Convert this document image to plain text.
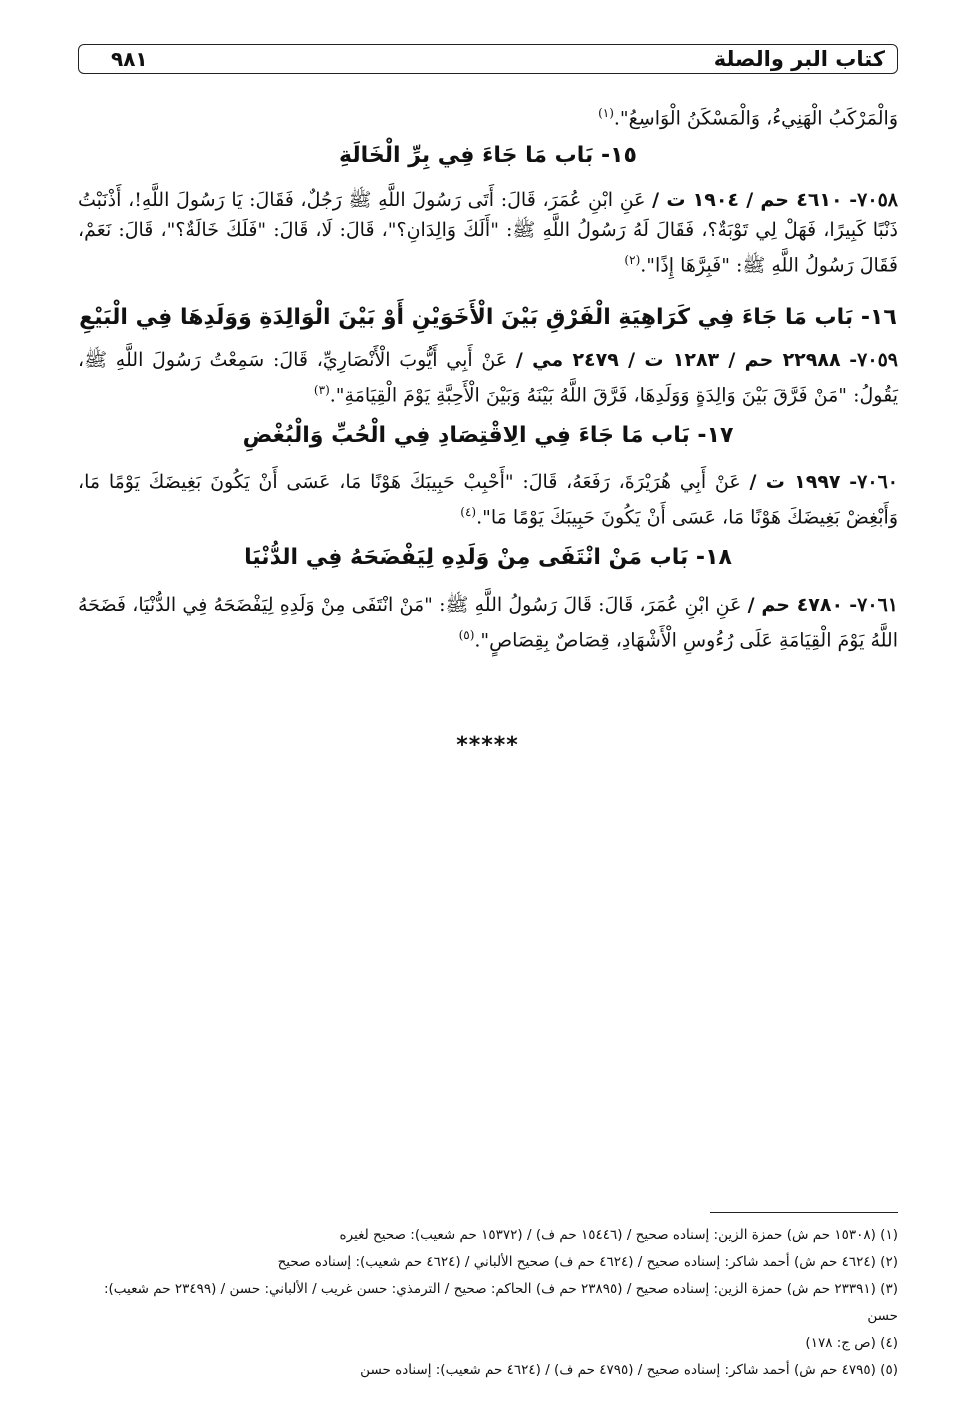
كتاب البر والصلة
٩٨١
وَالْمَرْكَبُ الْهَنِيءُ، وَالْمَسْكَنُ الْوَاسِعُ".$^{(١)}$
١٥- بَاب مَا جَاءَ فِي بِرِّ الْخَالَةِ
٧٠٥٨- ٤٦١٠ حم / ١٩٠٤ ت / عَنِ ابْنِ عُمَرَ، قَالَ: أَتَى رَسُولَ اللَّهِ ﷺ رَجُلٌ، فَقَالَ: يَا رَسُولَ اللَّهِ!، أَذْنَبْتُ ذَنْبًا كَبِيرًا، فَهَلْ لِي تَوْبَةٌ؟، فَقَالَ لَهُ رَسُولُ اللَّهِ ﷺ: "أَلَكَ وَالِدَانِ؟"، قَالَ: لَا، قَالَ: "فَلَكَ خَالَةٌ؟"، قَالَ: نَعَمْ، فَقَالَ رَسُولُ اللَّهِ ﷺ: "فَبِرَّهَا إِذًا".$^{(٢)}$
١٦- بَاب مَا جَاءَ فِي كَرَاهِيَةِ الْفَرْقِ بَيْنَ الْأَخَوَيْنِ أَوْ بَيْنَ الْوَالِدَةِ وَوَلَدِهَا فِي الْبَيْعِ
٧٠٥٩- ٢٢٩٨٨ حم / ١٢٨٣ ت / ٢٤٧٩ مي / عَنْ أَبِي أَيُّوبَ الْأَنْصَارِيِّ، قَالَ: سَمِعْتُ رَسُولَ اللَّهِ ﷺ، يَقُولُ: "مَنْ فَرَّقَ بَيْنَ وَالِدَةٍ وَوَلَدِهَا، فَرَّقَ اللَّهُ بَيْنَهُ وَبَيْنَ الْأَحِبَّةِ يَوْمَ الْقِيَامَةِ".$^{(٣)}$
١٧- بَاب مَا جَاءَ فِي الِاقْتِصَادِ فِي الْحُبِّ وَالْبُغْضِ
٧٠٦٠- ١٩٩٧ ت / عَنْ أَبِي هُرَيْرَةَ، رَفَعَهُ، قَالَ: "أَحْبِبْ حَبِيبَكَ هَوْنًا مَا، عَسَى أَنْ يَكُونَ بَغِيضَكَ يَوْمًا مَا، وَأَبْغِضْ بَغِيضَكَ هَوْنًا مَا، عَسَى أَنْ يَكُونَ حَبِيبَكَ يَوْمًا مَا".$^{(٤)}$
١٨- بَاب مَنْ انْتَفَى مِنْ وَلَدِهِ لِيَفْضَحَهُ فِي الدُّنْيَا
٧٠٦١- ٤٧٨٠ حم / عَنِ ابْنِ عُمَرَ، قَالَ: قَالَ رَسُولُ اللَّهِ ﷺ: "مَنْ انْتَفَى مِنْ وَلَدِهِ لِيَفْضَحَهُ فِي الدُّنْيَا، فَضَحَهُ اللَّهُ يَوْمَ الْقِيَامَةِ عَلَى رُءُوسِ الْأَشْهَادِ، قِصَاصٌ بِقِصَاصٍ".$^{(٥)}$
*****
(١) (١٥٣٠٨ حم ش) حمزة الزين: إسناده صحيح / (١٥٤٤٦ حم ف) / (١٥٣٧٢ حم شعيب): صحيح لغيره
(٢) (٤٦٢٤ حم ش) أحمد شاكر: إسناده صحيح / (٤٦٢٤ حم ف) صحيح الألباني / (٤٦٢٤ حم شعيب): إسناده صحيح
(٣) (٢٣٣٩١ حم ش) حمزة الزين: إسناده صحيح / (٢٣٨٩٥ حم ف) الحاكم: صحيح / الترمذي: حسن غريب / الألباني: حسن / (٢٣٤٩٩ حم شعيب): حسن
(٤) (ص ج: ١٧٨)
(٥) (٤٧٩٥ حم ش) أحمد شاكر: إسناده صحيح / (٤٧٩٥ حم ف) / (٤٦٢٤ حم شعيب): إسناده حسن
